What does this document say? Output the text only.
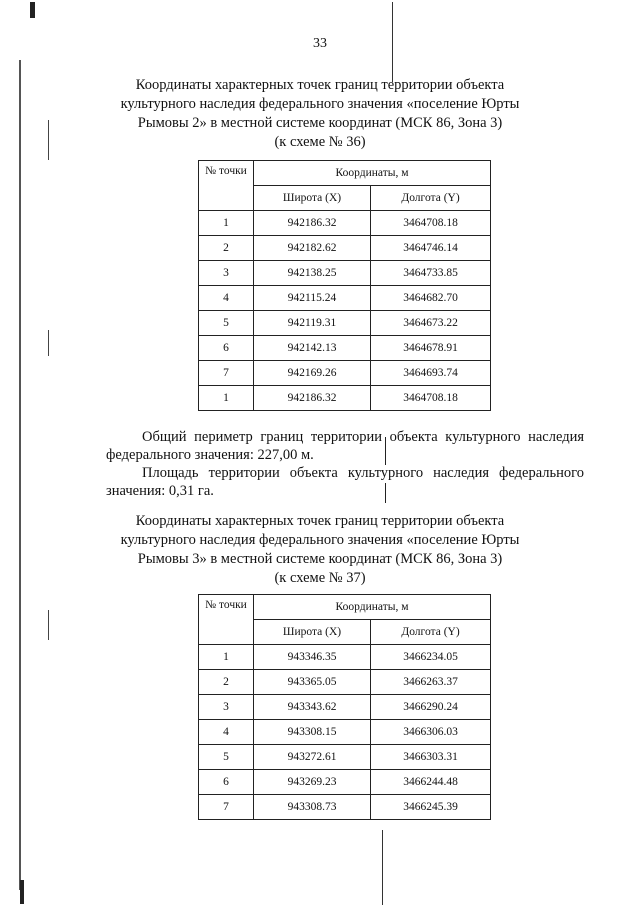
33
Координаты характерных точек границ территории объекта
культурного наследия федерального значения «поселение Юрты
Рымовы 2» в местной системе координат (МСК 86, Зона 3)
(к схеме № 36)
№ точки	Координаты, м	
	Широта (X)	Долгота (Y)
1	942186.32	3464708.18
2	942182.62	3464746.14
3	942138.25	3464733.85
4	942115.24	3464682.70
5	942119.31	3464673.22
6	942142.13	3464678.91
7	942169.26	3464693.74
1	942186.32	3464708.18
Общий периметр границ территории объекта культурного наследия
федерального значения: 227,00 м.
Площадь территории объекта культурного наследия федерального
значения: 0,31 га.
Координаты характерных точек границ территории объекта
культурного наследия федерального значения «поселение Юрты
Рымовы 3» в местной системе координат (МСК 86, Зона 3)
(к схеме № 37)
№ точки	Координаты, м	
	Широта (X)	Долгота (Y)
1	943346.35	3466234.05
2	943365.05	3466263.37
3	943343.62	3466290.24
4	943308.15	3466306.03
5	943272.61	3466303.31
6	943269.23	3466244.48
7	943308.73	3466245.39
